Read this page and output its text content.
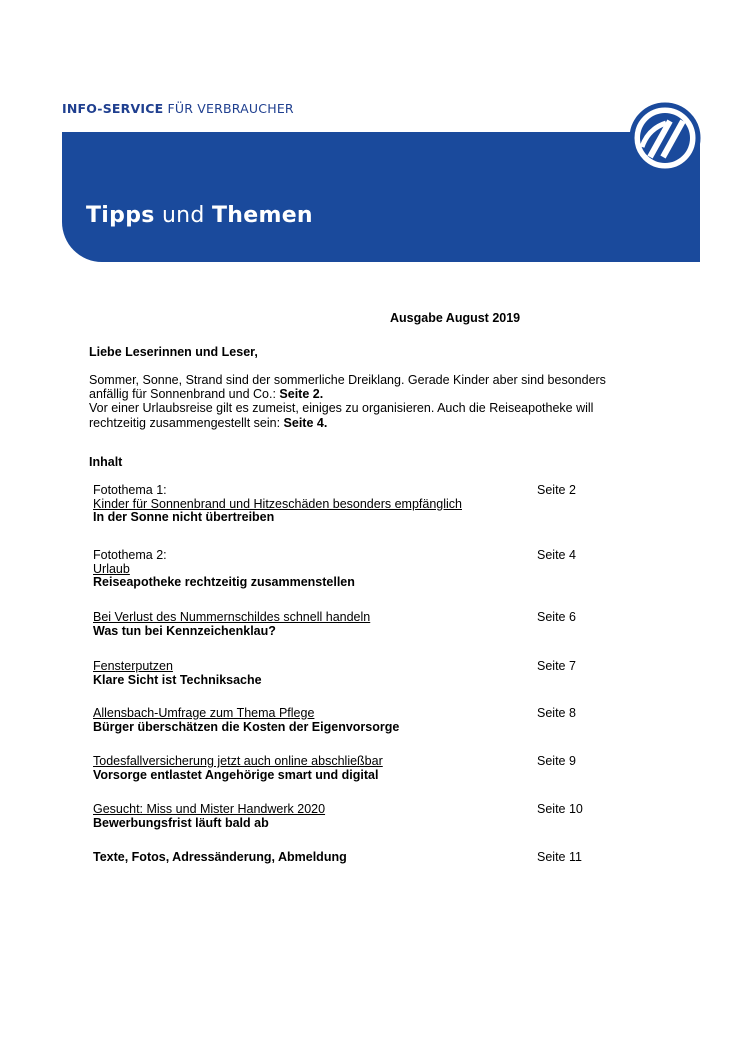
INFO-SERVICE FÜR VERBRAUCHER
Tipps und Themen
Ausgabe August 2019
Liebe Leserinnen und Leser,
Sommer, Sonne, Strand sind der sommerliche Dreiklang. Gerade Kinder aber sind besonders anfällig für Sonnenbrand und Co.: Seite 2.
Vor einer Urlaubsreise gilt es zumeist, einiges zu organisieren. Auch die Reiseapotheke will rechtzeitig zusammengestellt sein: Seite 4.
Inhalt
Fotothema 1:
Kinder für Sonnenbrand und Hitzeschäden besonders empfänglich
In der Sonne nicht übertreiben
Seite 2
Fotothema 2:
Urlaub
Reiseapotheke rechtzeitig zusammenstellen
Seite 4
Bei Verlust des Nummernschildes schnell handeln
Was tun bei Kennzeichenklau?
Seite 6
Fensterputzen
Klare Sicht ist Techniksache
Seite 7
Allensbach-Umfrage zum Thema Pflege
Bürger überschätzen die Kosten der Eigenvorsorge
Seite 8
Todesfallversicherung jetzt auch online abschließbar
Vorsorge entlastet Angehörige smart und digital
Seite 9
Gesucht: Miss und Mister Handwerk 2020
Bewerbungsfrist läuft bald ab
Seite 10
Texte, Fotos, Adressänderung, Abmeldung	Seite 11
